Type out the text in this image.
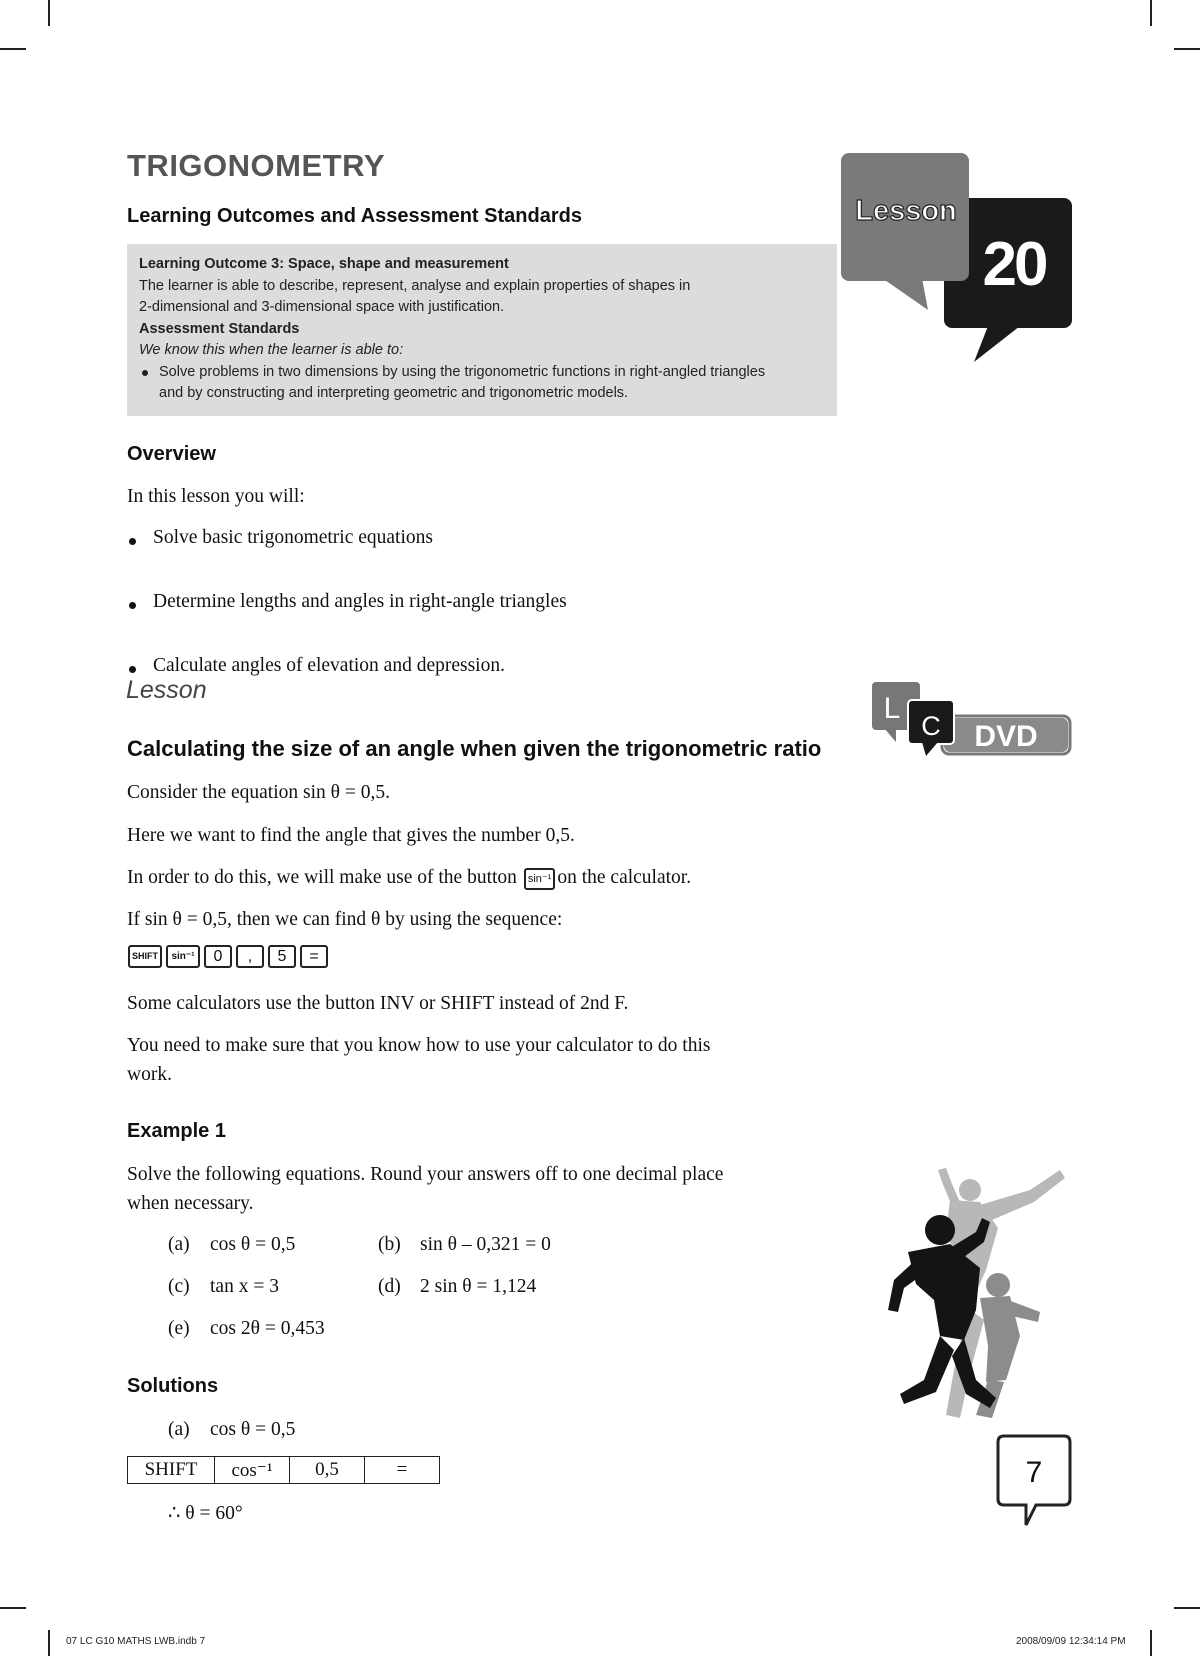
TRIGONOMETRY
Learning Outcomes and Assessment Standards	Lesson
20
Learning Outcome 3: Space, shape and measurement
The learner is able to describe, represent, analyse and explain properties of shapes in
2-dimensional and 3-dimensional space with justification.
Assessment Standards
We know this when the learner is able to:
Solve problems in two dimensions by using the trigonometric functions in right-angled triangles
and by constructing and interpreting geometric and trigonometric models.
Overview
In this lesson you will:
Solve basic trigonometric equations
Determine lengths and angles in right-angle triangles
Calculate angles of elevation and depression.
Lesson
L
C DVD
Calculating the size of an angle when given the trigonometric ratio
Consider the equation sin θ = 0,5.
Here we want to find the angle that gives the number 0,5.
In order to do this, we will make use of the button sin⁻¹ on the calculator.
If sin θ = 0,5, then we can find θ by using the sequence:
SHIFT sin⁻¹ 0 , 5 =
Some calculators use the button INV or SHIFT instead of 2nd F.
You need to make sure that you know how to use your calculator to do this
work.
Example 1
Solve the following equations. Round your answers off to one decimal place
when necessary.
(a) cos θ = 0,5	(b) sin θ – 0,321 = 0
(c) tan x = 3	(d) 2 sin θ = 1,124
(e) cos 2θ = 0,453
Solutions
(a) cos θ = 0,5
SHIFT	cos⁻¹	0,5	=
∴ θ = 60°
7
07 LC G10 MATHS LWB.indb 7	2008/09/09 12:34:14 PM
